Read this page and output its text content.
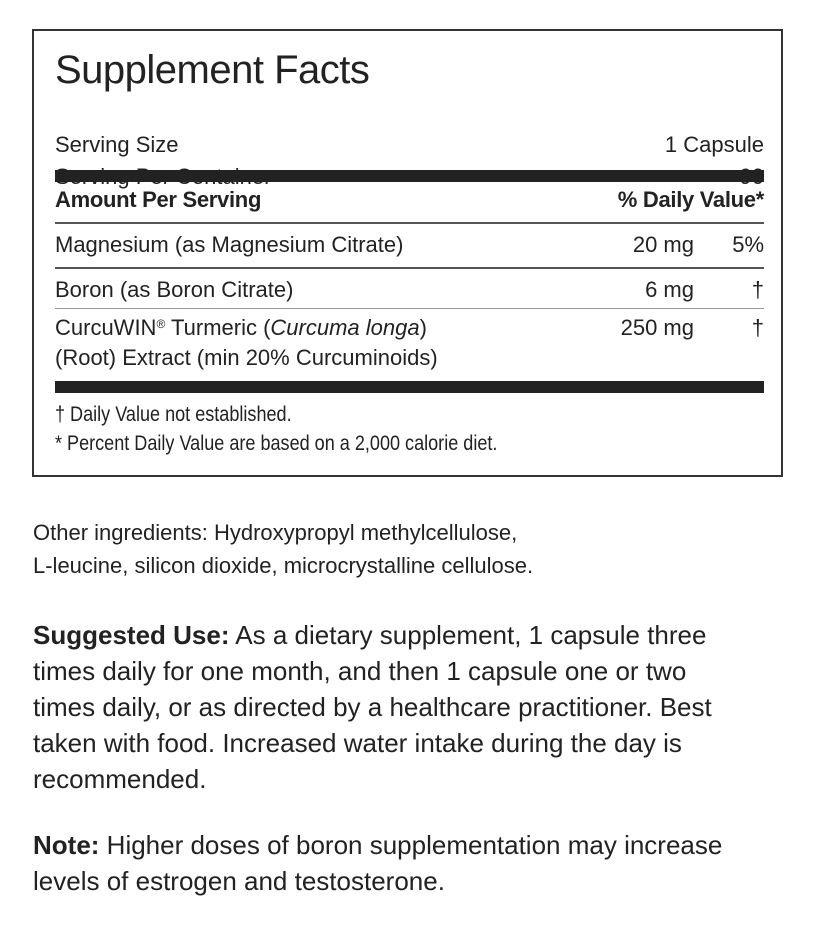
Supplement Facts
Serving Size	1 Capsule
Amount Per Serving	% Daily Value*
Magnesium (as Magnesium Citrate)	20 mg 5%
Boron (as Boron Citrate)	6 mg	†
CurcuWIN® Turmeric (Curcuma longa)	250 mg	†
(Root) Extract (min 20% Curcuminoids)
† Daily Value not established.
* Percent Daily Value are based on a 2,000 calorie diet.
Other ingredients: Hydroxypropyl methylcellulose,
L-leucine, silicon dioxide, microcrystalline cellulose.
Suggested Use: As a dietary supplement, 1 capsule three times daily for one month, and then 1 capsule one or two times daily, or as directed by a healthcare practitioner. Best taken with food. Increased water intake during the day is recommended.
Note: Higher doses of boron supplementation may increase levels of estrogen and testosterone.
